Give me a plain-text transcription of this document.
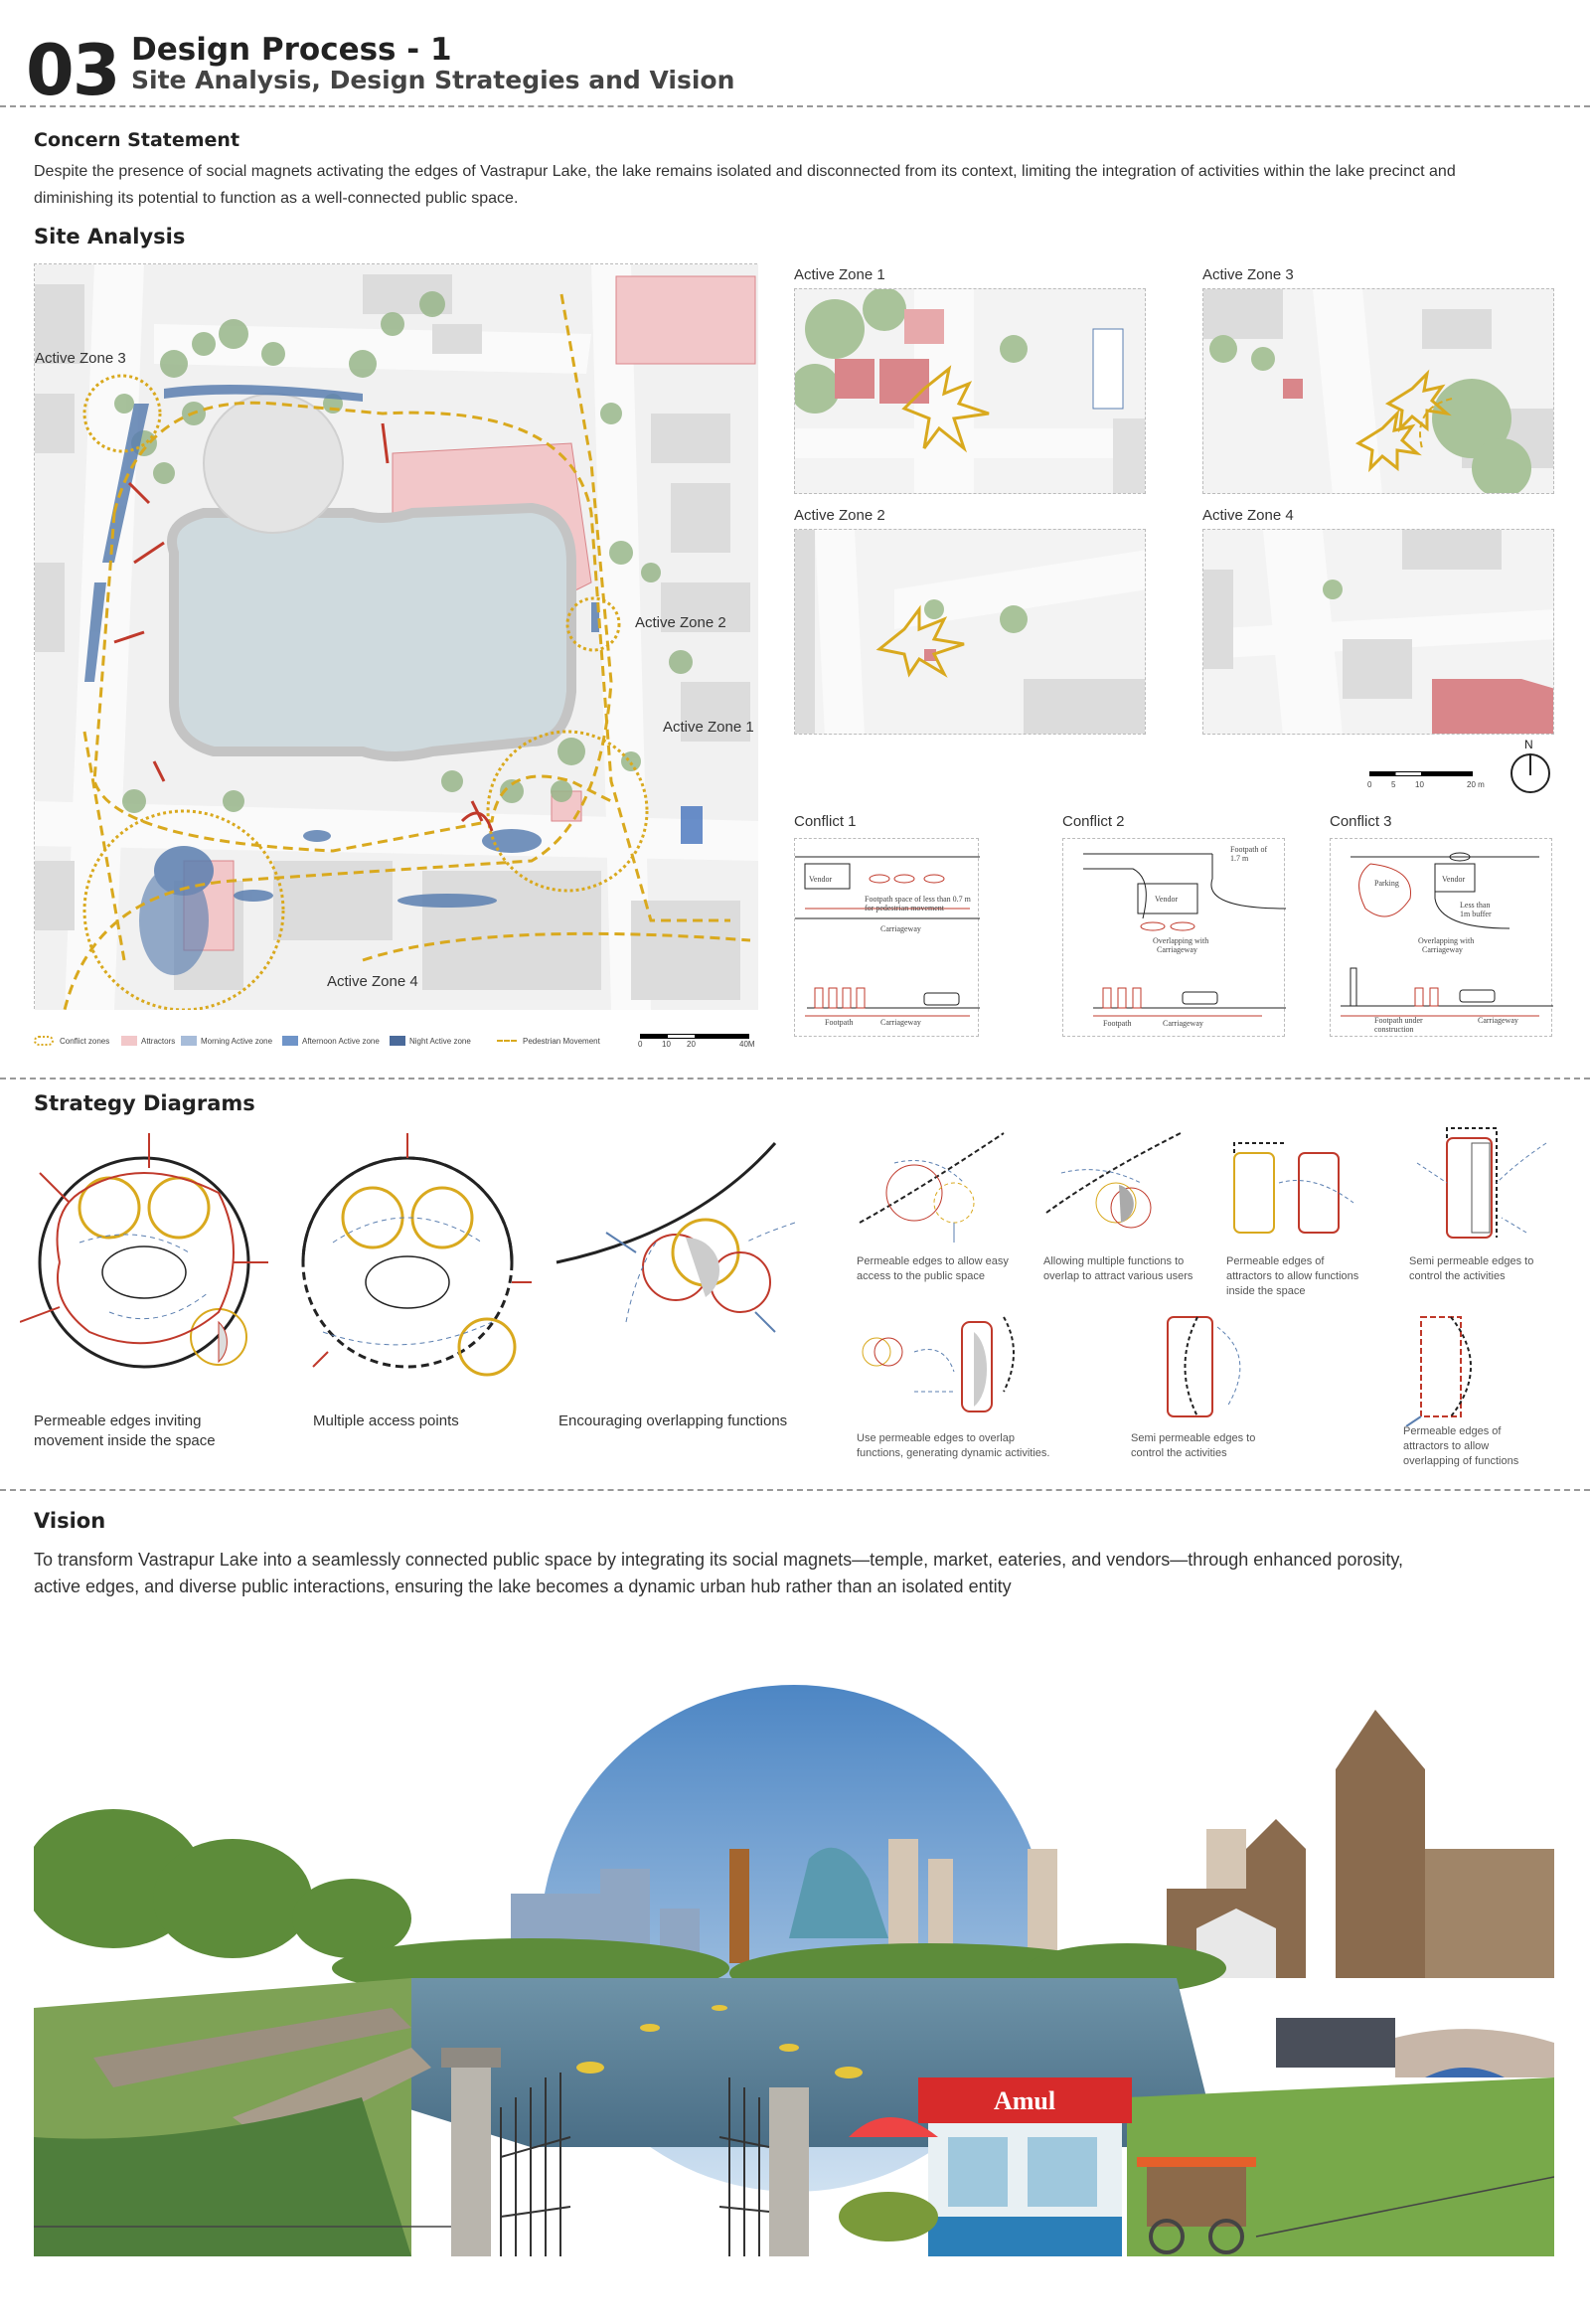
03 Design Process - 1
Site Analysis, Design Strategies and Vision
Concern Statement
Despite the presence of social magnets activating the edges of Vastrapur Lake, the lake remains isolated and disconnected from its context, limiting the integration of activities within the lake precinct and
diminishing its potential to function as a well-connected public space.
Site Analysis
Active Zone 3
Active Zone 2
Active Zone 1
Active Zone 4
Conflict zones	Attractors	Morning Active zone	Afternoon Active zone	Night Active zone	Pedestrian Movement	0 10 20	40M
Active Zone 1	Active Zone 3
Active Zone 2	Active Zone 4
0 5 10	20 m
N
Conflict 1
Vendor
Footpath space of less than 0.7 m
for pedestrian movement
Carriageway
Footpath	Carriageway
Conflict 2
Footpath of
1.7 m
Vendor
Overlapping with
Carriageway
Footpath	Carriageway
Conflict 3
Parking	Vendor
Less than
1m buffer
Overlapping with
Carriageway
Footpath under
construction
Carriageway
Strategy Diagrams
Permeable edges inviting
movement inside the space
Multiple access points	Encouraging overlapping functions
Permeable edges to allow easy
access to the public space
Allowing multiple functions to
overlap to attract various users
Permeable edges of
attractors to allow functions
inside the space
Semi permeable edges to
control the activities
Use permeable edges to overlap
functions, generating dynamic activities.
Semi permeable edges to
control the activities
Permeable edges of
attractors to allow
overlapping of functions
Vision
To transform Vastrapur Lake into a seamlessly connected public space by integrating its social magnets—temple, market, eateries, and vendors—through enhanced porosity,
active edges, and diverse public interactions, ensuring the lake becomes a dynamic urban hub rather than an isolated entity
Amul
